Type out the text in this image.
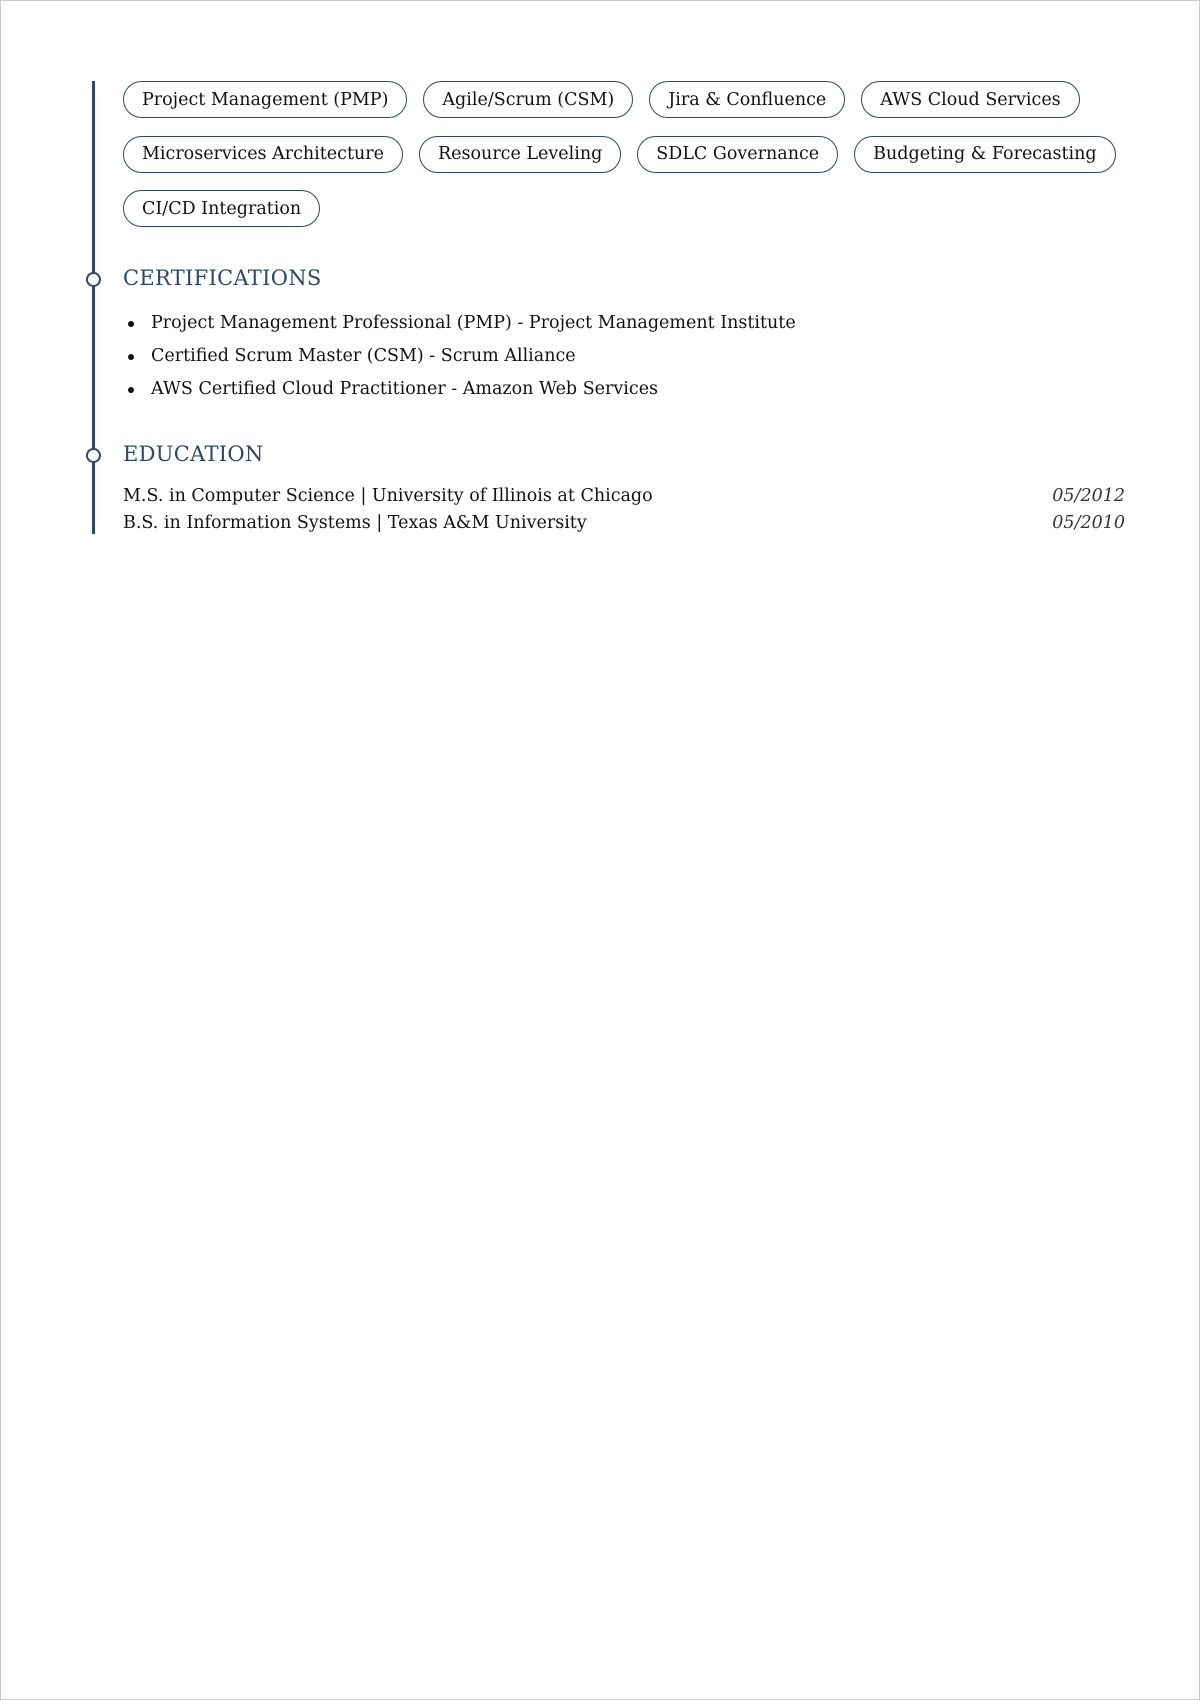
Project Management (PMP)	Agile/Scrum (CSM)	Jira & Confluence	AWS Cloud Services
Microservices Architecture	Resource Leveling	SDLC Governance	Budgeting & Forecasting
CI/CD Integration
CERTIFICATIONS
Project Management Professional (PMP) - Project Management Institute
Certified Scrum Master (CSM) - Scrum Alliance
AWS Certified Cloud Practitioner - Amazon Web Services
EDUCATION
M.S. in Computer Science | University of Illinois at Chicago	05/2012
B.S. in Information Systems | Texas A&M University	05/2010
